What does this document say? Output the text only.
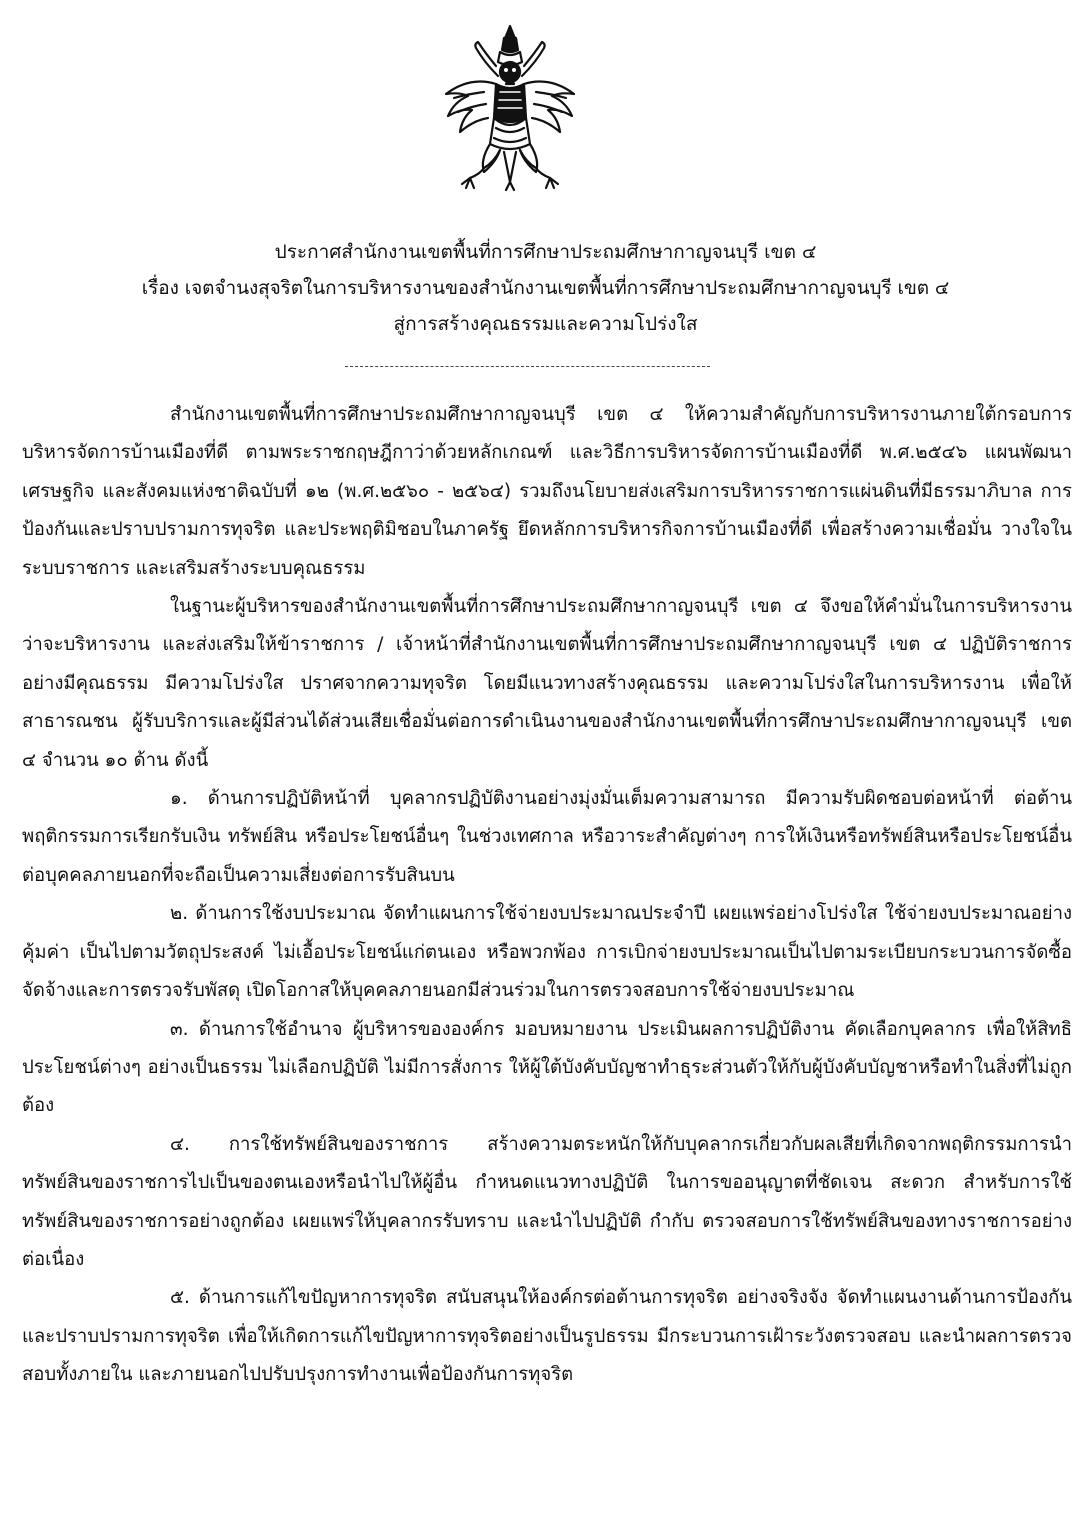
ประกาศสำนักงานเขตพื้นที่การศึกษาประถมศึกษากาญจนบุรี เขต ๔
เรื่อง เจตจำนงสุจริตในการบริหารงานของสำนักงานเขตพื้นที่การศึกษาประถมศึกษากาญจนบุรี เขต ๔
สู่การสร้างคุณธรรมและความโปร่งใส

สำนักงานเขตพื้นที่การศึกษาประถมศึกษากาญจนบุรี เขต ๔ ให้ความสำคัญกับการบริหารงานภายใต้กรอบการบริหารจัดการบ้านเมืองที่ดี ตามพระราชกฤษฎีกาว่าด้วยหลักเกณฑ์ และวิธีการบริหารจัดการบ้านเมืองที่ดี พ.ศ.๒๕๔๖ แผนพัฒนาเศรษฐกิจ และสังคมแห่งชาติฉบับที่ ๑๒ (พ.ศ.๒๕๖๐ - ๒๕๖๔) รวมถึงนโยบายส่งเสริมการบริหารราชการแผ่นดินที่มีธรรมาภิบาล การป้องกันและปราบปรามการทุจริต และประพฤติมิชอบในภาครัฐ ยึดหลักการบริหารกิจการบ้านเมืองที่ดี เพื่อสร้างความเชื่อมั่น วางใจในระบบราชการ และเสริมสร้างระบบคุณธรรม

ในฐานะผู้บริหารของสำนักงานเขตพื้นที่การศึกษาประถมศึกษากาญจนบุรี เขต ๔ จึงขอให้คำมั่นในการบริหารงานว่าจะบริหารงาน และส่งเสริมให้ข้าราชการ / เจ้าหน้าที่สำนักงานเขตพื้นที่การศึกษาประถมศึกษากาญจนบุรี เขต ๔ ปฏิบัติราชการอย่างมีคุณธรรม มีความโปร่งใส ปราศจากความทุจริต โดยมีแนวทางสร้างคุณธรรม และความโปร่งใสในการบริหารงาน เพื่อให้สาธารณชน ผู้รับบริการและผู้มีส่วนได้ส่วนเสียเชื่อมั่นต่อการดำเนินงานของสำนักงานเขตพื้นที่การศึกษาประถมศึกษากาญจนบุรี เขต ๔ จำนวน ๑๐ ด้าน ดังนี้

๑. ด้านการปฏิบัติหน้าที่ บุคลากรปฏิบัติงานอย่างมุ่งมั่นเต็มความสามารถ มีความรับผิดชอบต่อหน้าที่ ต่อต้านพฤติกรรมการเรียกรับเงิน ทรัพย์สิน หรือประโยชน์อื่นๆ ในช่วงเทศกาล หรือวาระสำคัญต่างๆ การให้เงินหรือทรัพย์สินหรือประโยชน์อื่นต่อบุคคลภายนอกที่จะถือเป็นความเสี่ยงต่อการรับสินบน

๒. ด้านการใช้งบประมาณ จัดทำแผนการใช้จ่ายงบประมาณประจำปี เผยแพร่อย่างโปร่งใส ใช้จ่ายงบประมาณอย่างคุ้มค่า เป็นไปตามวัตถุประสงค์ ไม่เอื้อประโยชน์แก่ตนเอง หรือพวกพ้อง การเบิกจ่ายงบประมาณเป็นไปตามระเบียบกระบวนการจัดซื้อ จัดจ้างและการตรวจรับพัสดุ เปิดโอกาสให้บุคคลภายนอกมีส่วนร่วมในการตรวจสอบการใช้จ่ายงบประมาณ

๓. ด้านการใช้อำนาจ ผู้บริหารขององค์กร มอบหมายงาน ประเมินผลการปฏิบัติงาน คัดเลือกบุคลากร เพื่อให้สิทธิประโยชน์ต่างๆ อย่างเป็นธรรม ไม่เลือกปฏิบัติ ไม่มีการสั่งการ ให้ผู้ใต้บังคับบัญชาทำธุระส่วนตัวให้กับผู้บังคับบัญชาหรือทำในสิ่งที่ไม่ถูกต้อง

๔. การใช้ทรัพย์สินของราชการ สร้างความตระหนักให้กับบุคลากรเกี่ยวกับผลเสียที่เกิดจากพฤติกรรมการนำทรัพย์สินของราชการไปเป็นของตนเองหรือนำไปให้ผู้อื่น กำหนดแนวทางปฏิบัติ ในการขออนุญาตที่ชัดเจน สะดวก สำหรับการใช้ทรัพย์สินของราชการอย่างถูกต้อง เผยแพร่ให้บุคลากรรับทราบ และนำไปปฏิบัติ กำกับ ตรวจสอบการใช้ทรัพย์สินของทางราชการอย่างต่อเนื่อง

๕. ด้านการแก้ไขปัญหาการทุจริต สนับสนุนให้องค์กรต่อต้านการทุจริต อย่างจริงจัง จัดทำแผนงานด้านการป้องกันและปราบปรามการทุจริต เพื่อให้เกิดการแก้ไขปัญหาการทุจริตอย่างเป็นรูปธรรม มีกระบวนการเฝ้าระวังตรวจสอบ และนำผลการตรวจสอบทั้งภายใน และภายนอกไปปรับปรุงการทำงานเพื่อป้องกันการทุจริต
